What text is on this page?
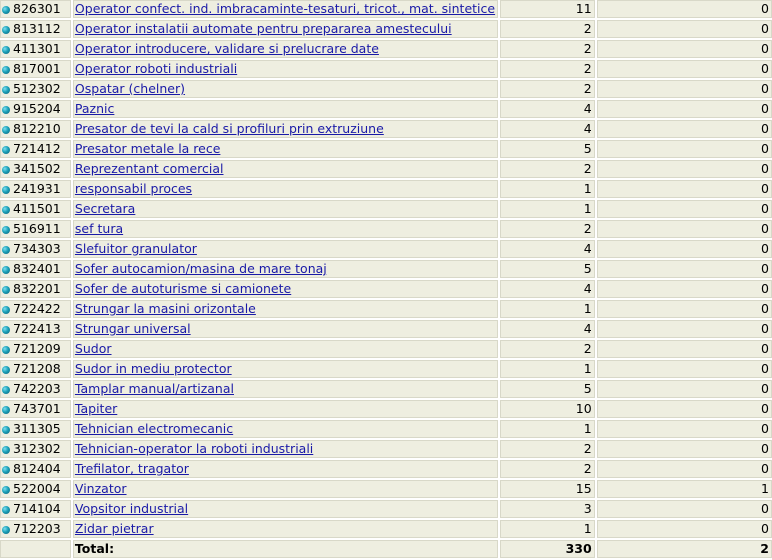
826301	Operator confect. ind. imbracaminte-tesaturi, tricot., mat. sintetice	11	0
813112	Operator instalatii automate pentru prepararea amestecului	2	0
411301	Operator introducere, validare si prelucrare date	2	0
817001	Operator roboti industriali	2	0
512302	Ospatar (chelner)	2	0
915204	Paznic	4	0
812210	Presator de tevi la cald si profiluri prin extruziune	4	0
721412	Presator metale la rece	5	0
341502	Reprezentant comercial	2	0
241931	responsabil proces	1	0
411501	Secretara	1	0
516911	sef tura	2	0
734303	Slefuitor granulator	4	0
832401	Sofer autocamion/masina de mare tonaj	5	0
832201	Sofer de autoturisme si camionete	4	0
722422	Strungar la masini orizontale	1	0
722413	Strungar universal	4	0
721209	Sudor	2	0
721208	Sudor in mediu protector	1	0
742203	Tamplar manual/artizanal	5	0
743701	Tapiter	10	0
311305	Tehnician electromecanic	1	0
312302	Tehnician-operator la roboti industriali	2	0
812404	Trefilator, tragator	2	0
522004	Vinzator	15	1
714104	Vopsitor industrial	3	0
712203	Zidar pietrar	1	0
	Total:	330	2
